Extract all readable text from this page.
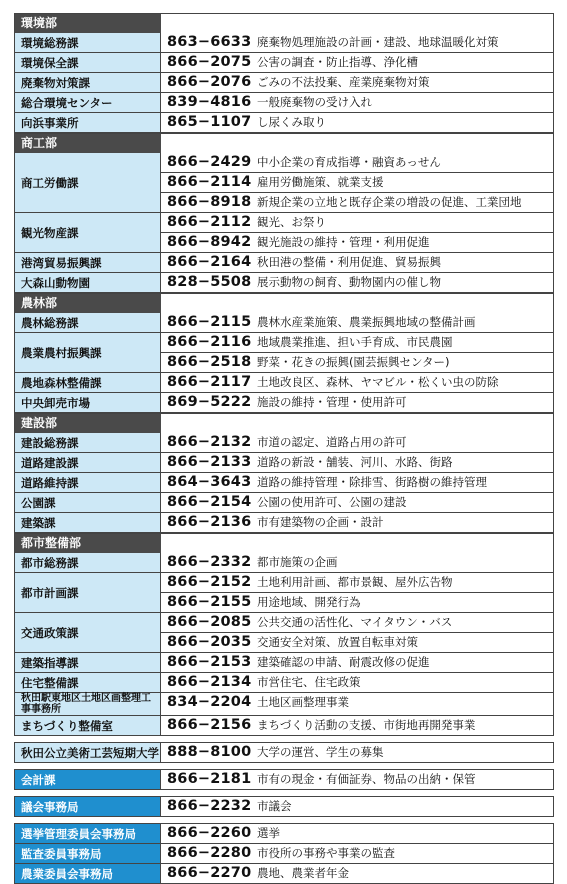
環境部
環境総務課	863−6633 廃棄物処理施設の計画・建設、地球温暖化対策
環境保全課	866−2075 公害の調査・防止指導、浄化槽
廃棄物対策課	866−2076 ごみの不法投棄、産業廃棄物対策
総合環境センター	839−4816 一般廃棄物の受け入れ
向浜事業所	865−1107 し尿くみ取り
商工部
商工労働課
866−2429 中小企業の育成指導・融資あっせん
866−2114 雇用労働施策、就業支援
866−8918 新規企業の立地と既存企業の増設の促進、工業団地
観光物産課
866−2112 観光、お祭り
866−8942 観光施設の維持・管理・利用促進
港湾貿易振興課	866−2164 秋田港の整備・利用促進、貿易振興
大森山動物園	828−5508 展示動物の飼育、動物園内の催し物
農林部
農林総務課	866−2115 農林水産業施策、農業振興地域の整備計画
農業農村振興課
866−2116 地域農業推進、担い手育成、市民農園
866−2518 野菜・花きの振興(園芸振興センター)
農地森林整備課	866−2117 土地改良区、森林、ヤマビル・松くい虫の防除
中央卸売市場	869−5222 施設の維持・管理・使用許可
建設部
建設総務課	866−2132 市道の認定、道路占用の許可
道路建設課	866−2133 道路の新設・舗装、河川、水路、街路
道路維持課	864−3643 道路の維持管理・除排雪、街路樹の維持管理
公園課	866−2154 公園の使用許可、公園の建設
建築課	866−2136 市有建築物の企画・設計
都市整備部
都市総務課	866−2332 都市施策の企画
都市計画課
866−2152 土地利用計画、都市景観、屋外広告物
866−2155 用途地域、開発行為
交通政策課
866−2085 公共交通の活性化、マイタウン・バス
866−2035 交通安全対策、放置自転車対策
建築指導課	866−2153 建築確認の申請、耐震改修の促進
住宅整備課	866−2134 市営住宅、住宅政策
秋田駅東地区土地区画整理工事事務所	834−2204 土地区画整理事業
まちづくり整備室	866−2156 まちづくり活動の支援、市街地再開発事業
秋田公立美術工芸短期大学 888−8100 大学の運営、学生の募集
会計課	866−2181 市有の現金・有価証券、物品の出納・保管
議会事務局	866−2232 市議会
選挙管理委員会事務局	866−2260 選挙
監査委員事務局	866−2280 市役所の事務や事業の監査
農業委員会事務局	866−2270 農地、農業者年金
